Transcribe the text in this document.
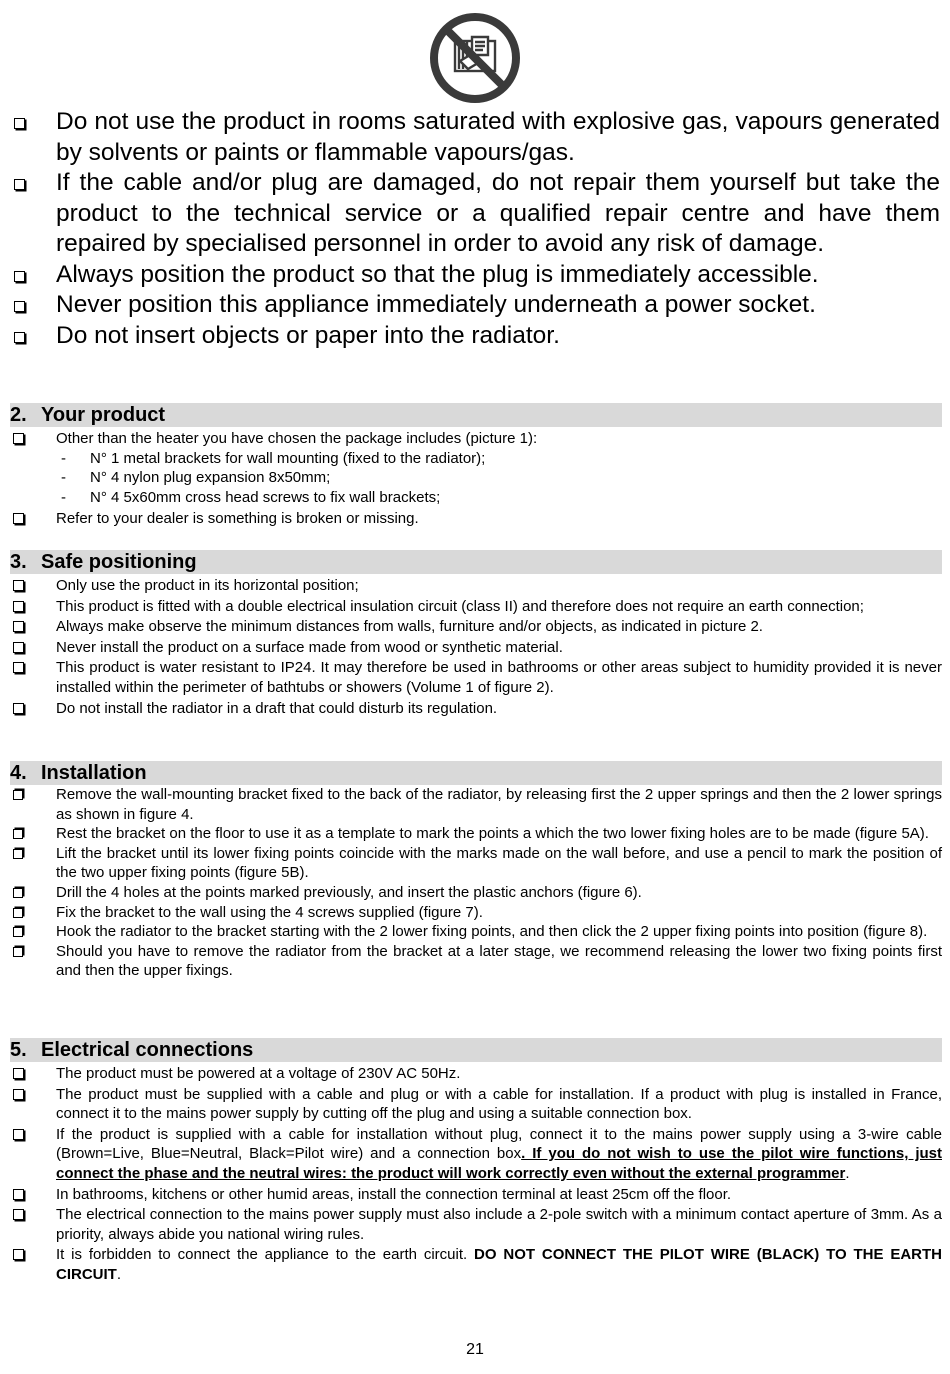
Do not use the product in rooms saturated with explosive gas, vapours generated by solvents or paints or flammable vapours/gas.

If the cable and/or plug are damaged, do not repair them yourself but take the product to the technical service or a qualified repair centre and have them repaired by specialised personnel in order to avoid any risk of damage.

Always position the product so that the plug is immediately accessible.

Never position this appliance immediately underneath a power socket.

Do not insert objects or paper into the radiator.

2. Your product

Other than the heater you have chosen the package includes (picture 1):

- N° 1 metal brackets for wall mounting (fixed to the radiator);
- N° 4 nylon plug expansion 8x50mm;
- N° 4 5x60mm cross head screws to fix wall brackets;

Refer to your dealer is something is broken or missing.

3. Safe positioning

Only use the product in its horizontal position;

This product is fitted with a double electrical insulation circuit (class II) and therefore does not require an earth connection;

Always make observe the minimum distances from walls, furniture and/or objects, as indicated in picture 2.

Never install the product on a surface made from wood or synthetic material.

This product is water resistant to IP24. It may therefore be used in bathrooms or other areas subject to humidity provided it is never installed within the perimeter of bathtubs or showers (Volume 1 of figure 2).

Do not install the radiator in a draft that could disturb its regulation.

4. Installation

Remove the wall-mounting bracket fixed to the back of the radiator, by releasing first the 2 upper springs and then the 2 lower springs as shown in figure 4.

Rest the bracket on the floor to use it as a template to mark the points a which the two lower fixing holes are to be made (figure 5A).

Lift the bracket until its lower fixing points coincide with the marks made on the wall before, and use a pencil to mark the position of the two upper fixing points (figure 5B).

Drill the 4 holes at the points marked previously, and insert the plastic anchors (figure 6).

Fix the bracket to the wall using the 4 screws supplied (figure 7).

Hook the radiator to the bracket starting with the 2 lower fixing points, and then click the 2 upper fixing points into position (figure 8).

Should you have to remove the radiator from the bracket at a later stage, we recommend releasing the lower two fixing points first and then the upper fixings.

5. Electrical connections

The product must be powered at a voltage of 230V AC 50Hz.

The product must be supplied with a cable and plug or with a cable for installation. If a product with plug is installed in France, connect it to the mains power supply by cutting off the plug and using a suitable connection box.

If the product is supplied with a cable for installation without plug, connect it to the mains power supply using a 3-wire cable (Brown=Live, Blue=Neutral, Black=Pilot wire) and a connection box. If you do not wish to use the pilot wire functions, just connect the phase and the neutral wires: the product will work correctly even without the external programmer.

In bathrooms, kitchens or other humid areas, install the connection terminal at least 25cm off the floor.

The electrical connection to the mains power supply must also include a 2-pole switch with a minimum contact aperture of 3mm. As a priority, always abide you national wiring rules.

It is forbidden to connect the appliance to the earth circuit. DO NOT CONNECT THE PILOT WIRE (BLACK) TO THE EARTH CIRCUIT.

21
